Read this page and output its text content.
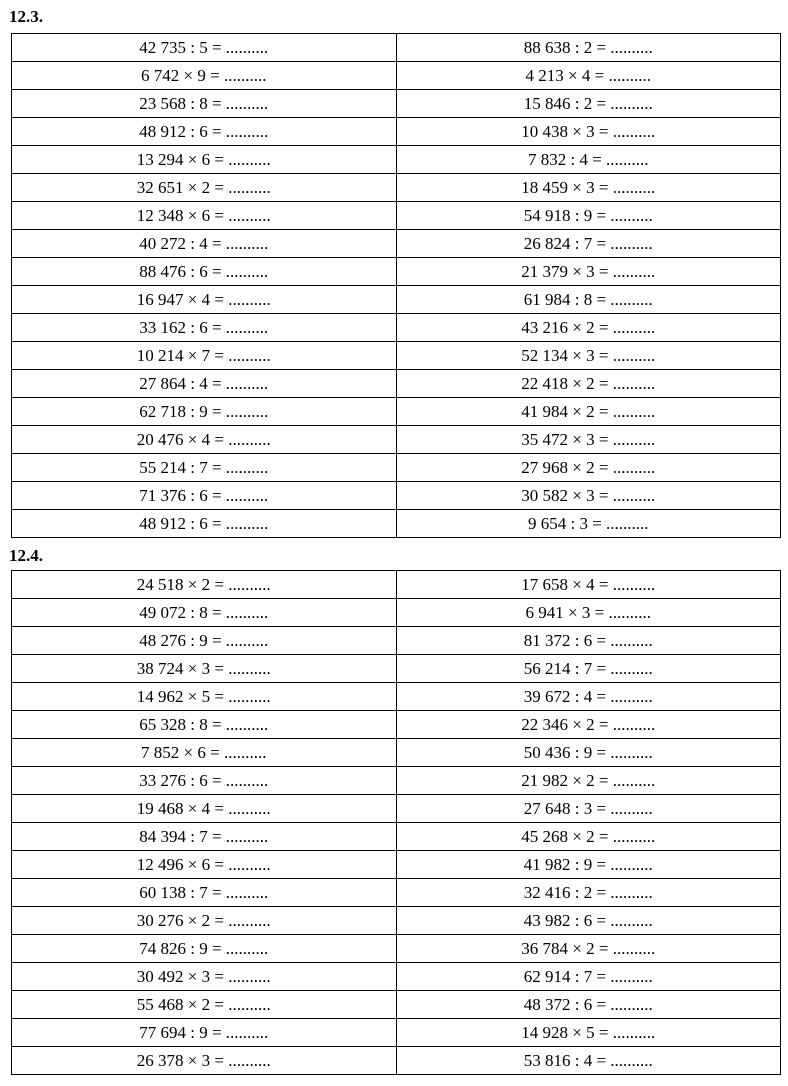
12.3.
42 735 : 5 = ..........	88 638 : 2 = ..........
6 742 × 9 = ..........	4 213 × 4 = ..........
23 568 : 8 = ..........	15 846 : 2 = ..........
48 912 : 6 = ..........	10 438 × 3 = ..........
13 294 × 6 = ..........	7 832 : 4 = ..........
32 651 × 2 = ..........	18 459 × 3 = ..........
12 348 × 6 = ..........	54 918 : 9 = ..........
40 272 : 4 = ..........	26 824 : 7 = ..........
88 476 : 6 = ..........	21 379 × 3 = ..........
16 947 × 4 = ..........	61 984 : 8 = ..........
33 162 : 6 = ..........	43 216 × 2 = ..........
10 214 × 7 = ..........	52 134 × 3 = ..........
27 864 : 4 = ..........	22 418 × 2 = ..........
62 718 : 9 = ..........	41 984 × 2 = ..........
20 476 × 4 = ..........	35 472 × 3 = ..........
55 214 : 7 = ..........	27 968 × 2 = ..........
71 376 : 6 = ..........	30 582 × 3 = ..........
48 912 : 6 = ..........	9 654 : 3 = ..........
12.4.
24 518 × 2 = ..........	17 658 × 4 = ..........
49 072 : 8 = ..........	6 941 × 3 = ..........
48 276 : 9 = ..........	81 372 : 6 = ..........
38 724 × 3 = ..........	56 214 : 7 = ..........
14 962 × 5 = ..........	39 672 : 4 = ..........
65 328 : 8 = ..........	22 346 × 2 = ..........
7 852 × 6 = ..........	50 436 : 9 = ..........
33 276 : 6 = ..........	21 982 × 2 = ..........
19 468 × 4 = ..........	27 648 : 3 = ..........
84 394 : 7 = ..........	45 268 × 2 = ..........
12 496 × 6 = ..........	41 982 : 9 = ..........
60 138 : 7 = ..........	32 416 : 2 = ..........
30 276 × 2 = ..........	43 982 : 6 = ..........
74 826 : 9 = ..........	36 784 × 2 = ..........
30 492 × 3 = ..........	62 914 : 7 = ..........
55 468 × 2 = ..........	48 372 : 6 = ..........
77 694 : 9 = ..........	14 928 × 5 = ..........
26 378 × 3 = ..........	53 816 : 4 = ..........
